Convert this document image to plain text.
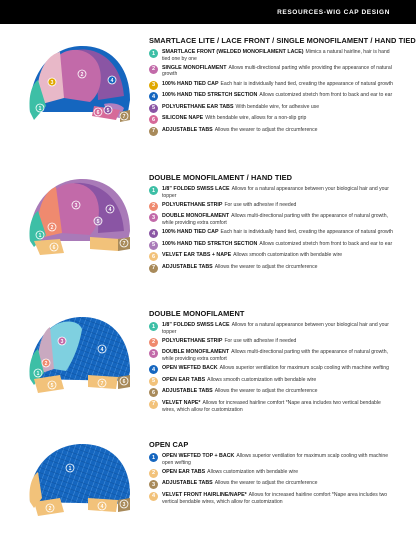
RESOURCES-WIG CAP DESIGN
1
2
3	4
5
6
7
SMARTLACE LITE / LACE FRONT / SINGLE MONOFILAMENT / HAND TIED
1	SMARTLACE FRONT (WELDED MONOFILAMENT LACE) Mimics a natural hairline, hair is hand tied one by one
2	SINGLE MONOFILAMENT Allows multi-directional parting while providing the appearance of natural growth
3	100% HAND TIED CAP Each hair is individually hand tied, creating the appearance of natural growth
4	100% HAND TIED STRETCH SECTION Allows customized stretch from front to back and ear to ear
5	POLYURETHANE EAR TABS With bendable wire, for adhesive use
6	SILICONE NAPE With bendable wire, allows for a non-slip grip
7	ADJUSTABLE TABS Allows the wearer to adjust the circumference
1
2
3
4
5
6
7
DOUBLE MONOFILAMENT / HAND TIED
1	1/8" FOLDED SWISS LACE Allows for a natural appearance between your biological hair and your topper
2	POLYURETHANE STRIP For use with adhesive if needed
3	DOUBLE MONOFILAMENT Allows multi-directional parting with the appearance of natural growth, while providing extra comfort
4	100% HAND TIED CAP Each hair is individually hand tied, creating the appearance of natural growth
5	100% HAND TIED STRETCH SECTION Allows customized stretch from front to back and ear to ear
6	VELVET EAR TABS + NAPE Allows smooth customization with bendable wire
7	ADJUSTABLE TABS Allows the wearer to adjust the circumference
1
2
3
4
5
6
7
DOUBLE MONOFILAMENT
1	1/8" FOLDED SWISS LACE Allows for a natural appearance between your biological hair and your topper
2	POLYURETHANE STRIP For use with adhesive if needed
3	DOUBLE MONOFILAMENT Allows multi-directional parting with the appearance of natural growth, while providing extra comfort
4	OPEN WEFTED BACK Allows superior ventilation for maximum scalp cooling with machine wefting
5	OPEN EAR TABS Allows smooth customization with bendable wire
6	ADJUSTABLE TABS Allows the wearer to adjust the circumference
7	VELVET NAPE* Allows for increased hairline comfort *Nape area includes two vertical bendable wires, which allow for customization
1
2
3
4
OPEN CAP
1	OPEN WEFTED TOP + BACK Allows superior ventilation for maximum scalp cooling with machine open wefting
2	OPEN EAR TABS Allows customization with bendable wire
3	ADJUSTABLE TABS Allows the wearer to adjust the circumference
4	VELVET FRONT HAIRLINE/NAPE* Allows for increased hairline comfort *Nape area includes two vertical bendable wires, which allow for customization
